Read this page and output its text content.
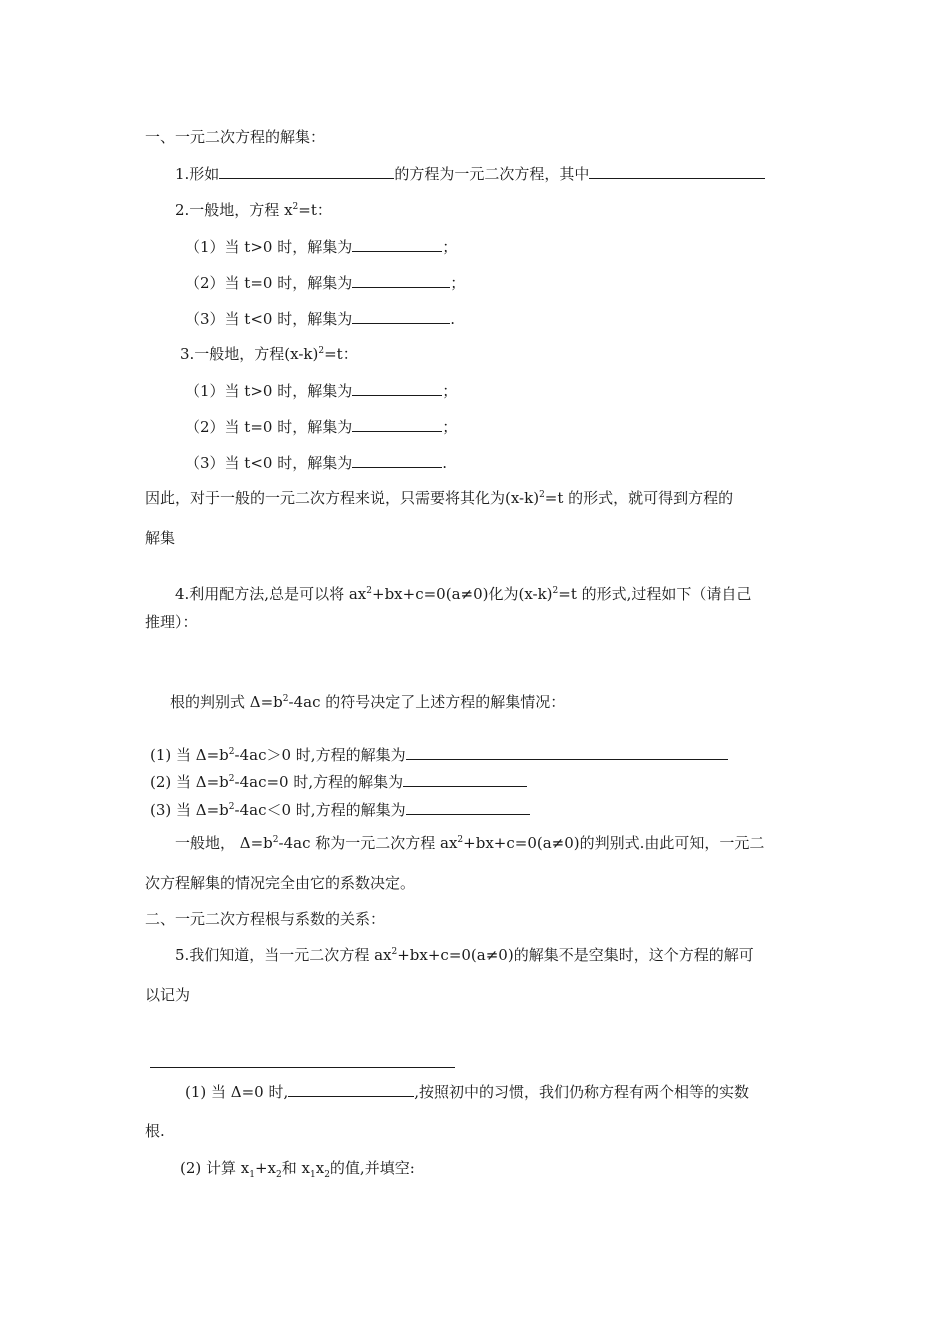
一、一元二次方程的解集：
1.形如	的方程为一元二次方程，其中
2.一般地，方程 $x^2=t$：
（1）当 t>0 时，解集为	；
（2）当 t=0 时，解集为	；
（3）当 t<0 时，解集为	.
3.一般地，方程$(x-k)^2=t$：
（1）当 t>0 时，解集为	；
（2）当 t=0 时，解集为	；
（3）当 t<0 时，解集为	.
因此，对于一般的一元二次方程来说，只需要将其化为$(x-k)^2=t$ 的形式，就可得到方程的
解集
4.利用配方法,总是可以将 $ax^2+bx+c=0(a\ne 0)$化为$(x-k)^2=t$ 的形式,过程如下（请自己
推理）：
根的判别式 $\Delta=b^2-4ac$ 的符号决定了上述方程的解集情况：
(1) 当 $\Delta=b^2-4ac>0$ 时,方程的解集为
(2) 当 $\Delta=b^2-4ac=0$ 时,方程的解集为
(3) 当 $\Delta=b^2-4ac<0$ 时,方程的解集为
一般地， $\Delta=b^2-4ac$ 称为一元二次方程 $ax^2+bx+c=0(a\ne 0)$的判别式.由此可知，一元二
次方程解集的情况完全由它的系数决定。
二、一元二次方程根与系数的关系：
5.我们知道，当一元二次方程 $ax^2+bx+c=0(a\ne 0)$的解集不是空集时，这个方程的解可
以记为
(1) 当 Δ=0 时,	,按照初中的习惯，我们仍称方程有两个相等的实数
根.
(2) 计算 $x_1+x_2$和 $x_1x_2$的值,并填空:
